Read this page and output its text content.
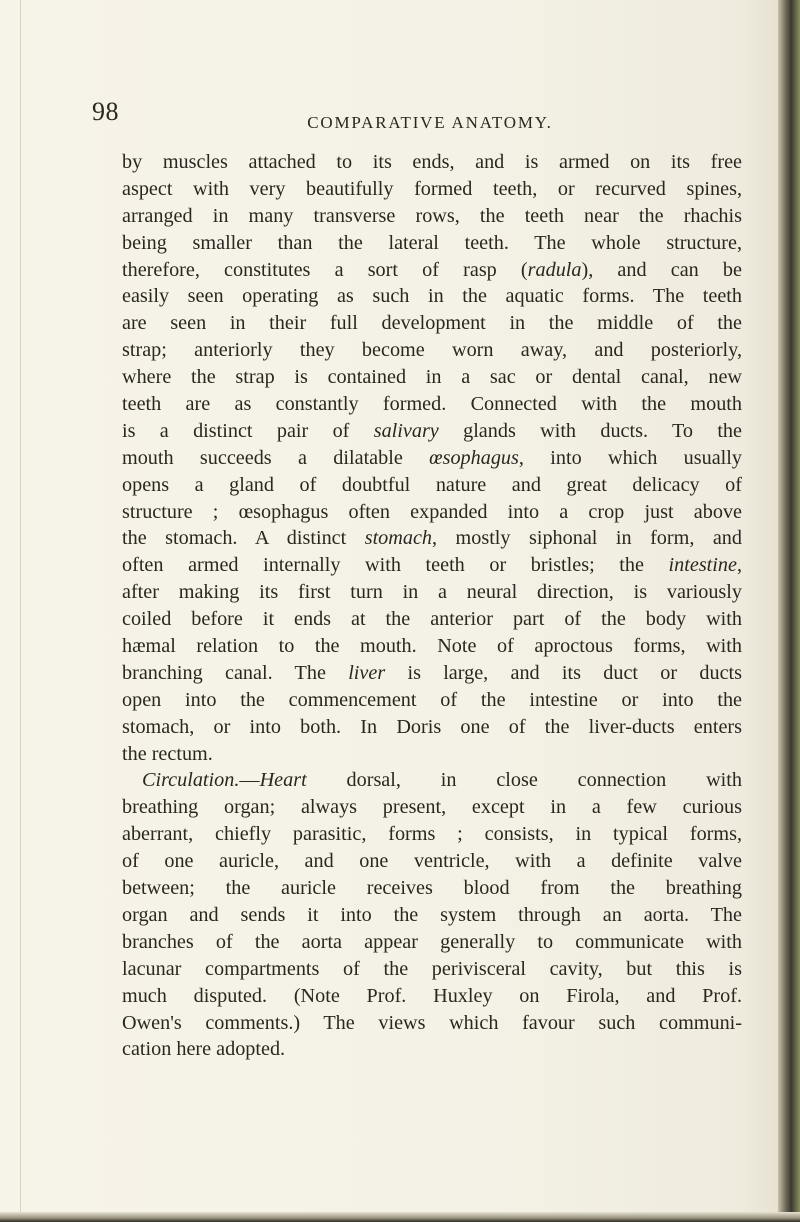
98	COMPARATIVE ANATOMY.
by muscles attached to its ends, and is armed on its free
aspect with very beautifully formed teeth, or recurved spines,
arranged in many transverse rows, the teeth near the rhachis
being smaller than the lateral teeth. The whole structure,
therefore, constitutes a sort of rasp (radula), and can be
easily seen operating as such in the aquatic forms. The teeth
are seen in their full development in the middle of the
strap; anteriorly they become worn away, and posteriorly,
where the strap is contained in a sac or dental canal, new
teeth are as constantly formed. Connected with the mouth
is a distinct pair of salivary glands with ducts. To the
mouth succeeds a dilatable œsophagus, into which usually
opens a gland of doubtful nature and great delicacy of
structure ; œsophagus often expanded into a crop just above
the stomach. A distinct stomach, mostly siphonal in form, and
often armed internally with teeth or bristles; the intestine,
after making its first turn in a neural direction, is variously
coiled before it ends at the anterior part of the body with
hæmal relation to the mouth. Note of aproctous forms, with
branching canal. The liver is large, and its duct or ducts
open into the commencement of the intestine or into the
stomach, or into both. In Doris one of the liver-ducts enters
the rectum.
Circulation.—Heart dorsal, in close connection with
breathing organ; always present, except in a few curious
aberrant, chiefly parasitic, forms ; consists, in typical forms,
of one auricle, and one ventricle, with a definite valve
between; the auricle receives blood from the breathing
organ and sends it into the system through an aorta. The
branches of the aorta appear generally to communicate with
lacunar compartments of the perivisceral cavity, but this is
much disputed. (Note Prof. Huxley on Firola, and Prof.
Owen's comments.) The views which favour such communi-
cation here adopted.
